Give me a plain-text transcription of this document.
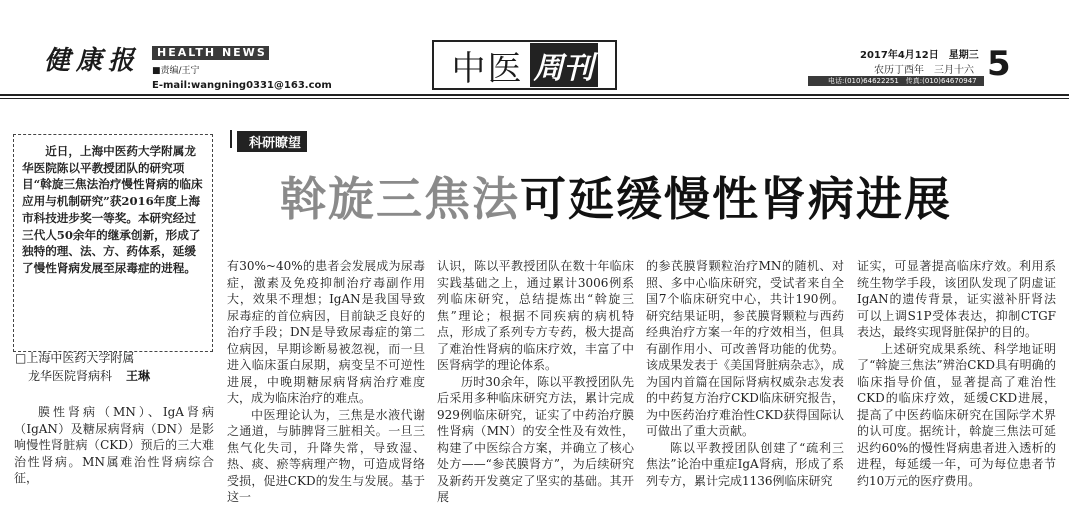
健康报	HEALTH NEWS
■责编/王宁
E-mail:wangning0331@163.com	中医 周刊	2017年4月12日　星期三
农历丁酉年　三月十六
电话:(010)64622251　传真:(010)64670947 5

近日，上海中医药大学附属龙华医院陈以平教授团队的研究项目“斡旋三焦法治疗慢性肾病的临床应用与机制研究”获2016年度上海市科技进步奖一等奖。本研究经过三代人50余年的继承创新，形成了独特的理、法、方、药体系，延缓了慢性肾病发展至尿毒症的进程。

□上海中医药大学附属
龙华医院肾病科 王琳
科研瞭望
斡旋三焦法可延缓慢性肾病进展

膜性肾病（MN）、IgA肾病（IgAN）及糖尿病肾病（DN）是影响慢性肾脏病（CKD）预后的三大难治性肾病。MN属难治性肾病综合征，

有30%~40%的患者会发展成为尿毒症，激素及免疫抑制治疗毒副作用大，效果不理想；IgAN是我国导致尿毒症的首位病因，目前缺乏良好的治疗手段；DN是导致尿毒症的第二位病因，早期诊断易被忽视，而一旦进入临床蛋白尿期，病变呈不可逆性进展，中晚期糖尿病肾病治疗难度大，成为临床治疗的难点。

中医理论认为，三焦是水液代谢之通道，与肺脾肾三脏相关。一旦三焦气化失司，升降失常，导致湿、热、痰、瘀等病理产物，可造成肾络受损，促进CKD的发生与发展。基于这一

认识，陈以平教授团队在数十年临床实践基础之上，通过累计3006例系列临床研究，总结提炼出“斡旋三焦”理论；根据不同疾病的病机特点，形成了系列专方专药，极大提高了难治性肾病的临床疗效，丰富了中医肾病学的理论体系。

历时30余年，陈以平教授团队先后采用多种临床研究方法，累计完成929例临床研究，证实了中药治疗膜性肾病（MN）的安全性及有效性，构建了中医综合方案，并确立了核心处方——“参芪膜肾方”，为后续研究及新药开发奠定了坚实的基础。其开展

的参芪膜肾颗粒治疗MN的随机、对照、多中心临床研究，受试者来自全国7个临床研究中心，共计190例。研究结果证明，参芪膜肾颗粒与西药经典治疗方案一年的疗效相当，但具有副作用小、可改善肾功能的优势。该成果发表于《美国肾脏病杂志》，成为国内首篇在国际肾病权威杂志发表的中药复方治疗CKD临床研究报告，为中医药治疗难治性CKD获得国际认可做出了重大贡献。

陈以平教授团队创建了“疏利三焦法”论治中重症IgA肾病，形成了系列专方，累计完成1136例临床研究

证实，可显著提高临床疗效。利用系统生物学手段，该团队发现了阴虚证IgAN的遗传背景，证实滋补肝肾法可以上调S1P受体表达，抑制CTGF表达，最终实现肾脏保护的目的。

上述研究成果系统、科学地证明了“斡旋三焦法”辨治CKD具有明确的临床指导价值，显著提高了难治性CKD的临床疗效，延缓CKD进展，提高了中医药临床研究在国际学术界的认可度。据统计，斡旋三焦法可延迟约60%的慢性肾病患者进入透析的进程，每延缓一年，可为每位患者节约10万元的医疗费用。
